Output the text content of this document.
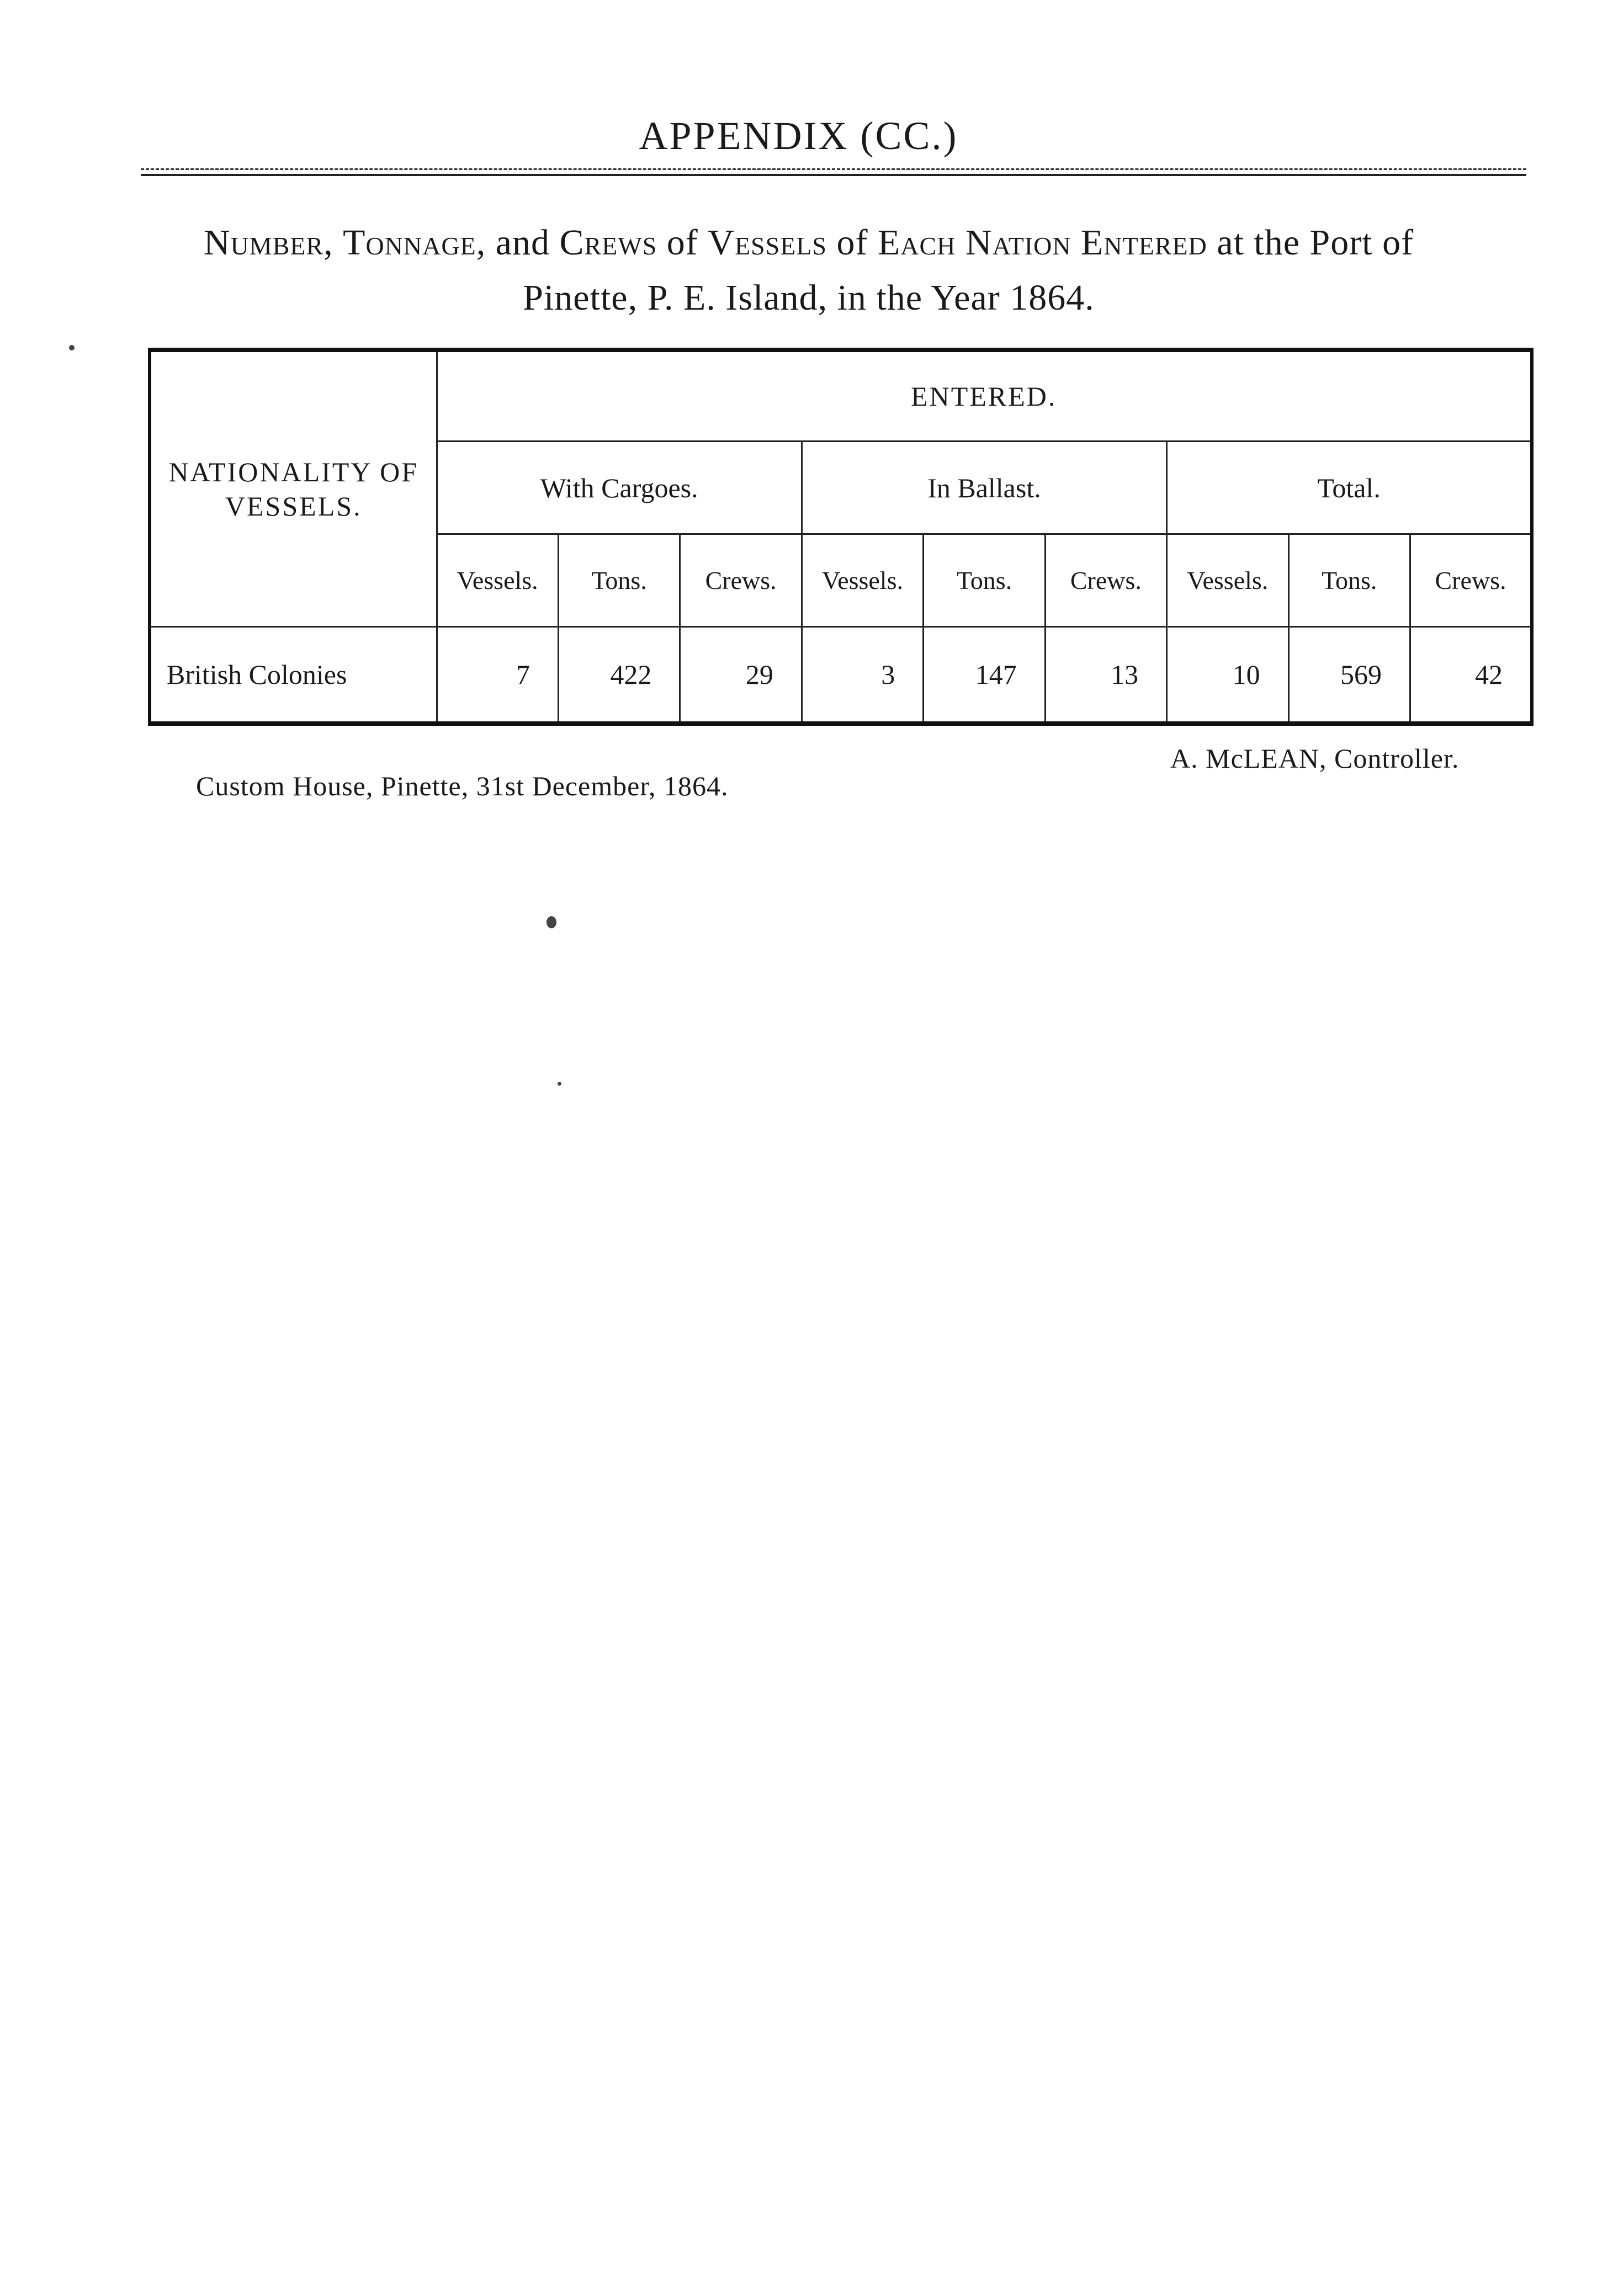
APPENDIX (CC.)
Number, Tonnage, and Crews of Vessels of Each Nation Entered at the Port of
Pinette, P. E. Island, in the Year 1864.
NATIONALITY OF VESSELS.	ENTERED.								
	With Cargoes.			In Ballast.			Total.		
	Vessels.	Tons.	Crews.	Vessels.	Tons.	Crews.	Vessels.	Tons.	Crews.
British Colonies	7	422	29	3	147	13	10	569	42
A. McLEAN, Controller.
Custom House, Pinette, 31st December, 1864.
